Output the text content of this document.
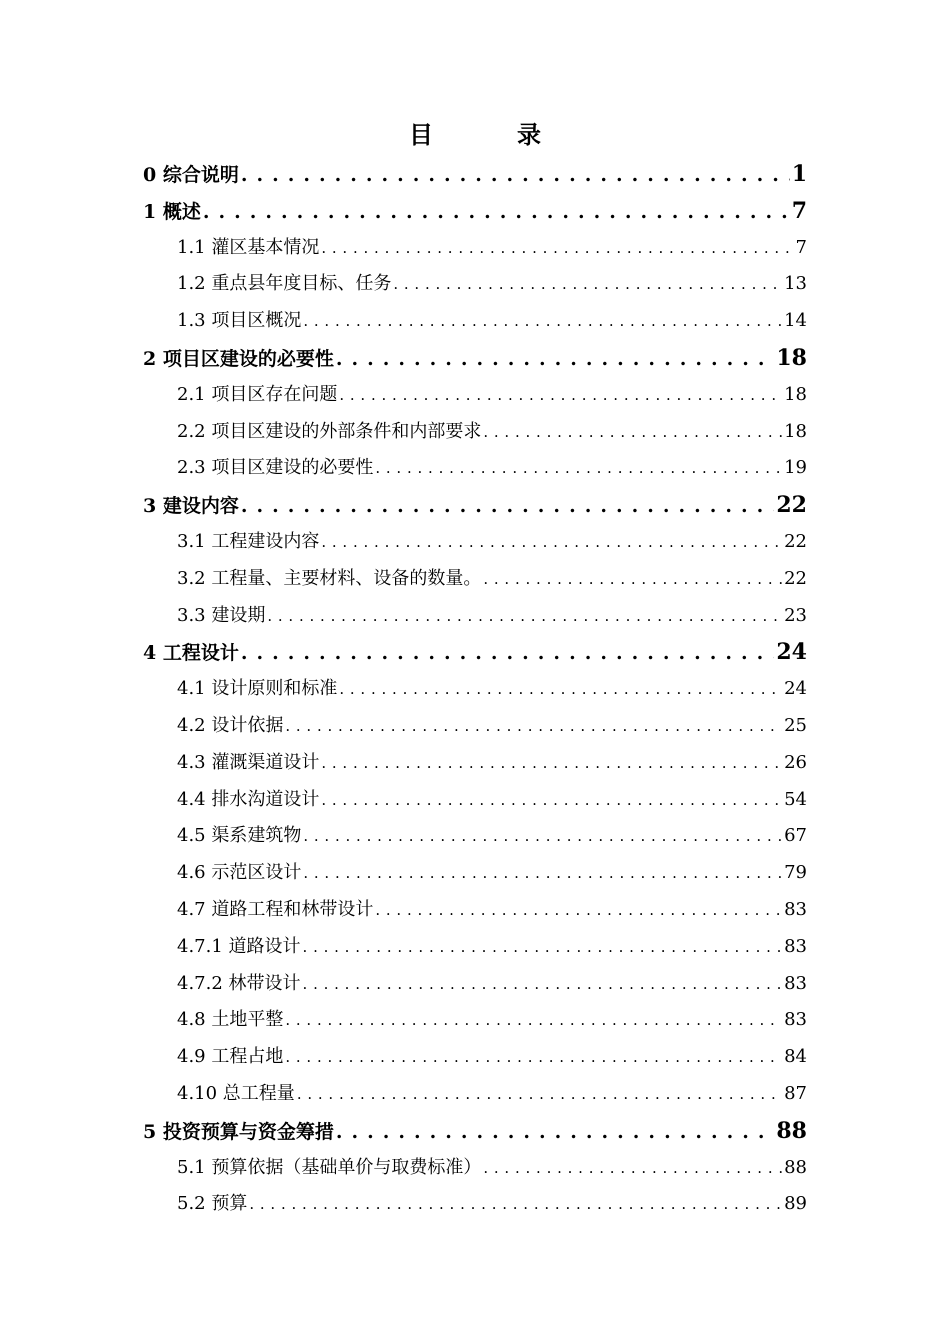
目　录
0 综合说明 . . .	1
1 概述 . . .	7
1.1 灌区基本情况 . . .	7
1.2 重点县年度目标、任务 . . .	13
1.3 项目区概况 . . .	14
2 项目区建设的必要性 . . .	18
2.1 项目区存在问题 . . .	18
2.2 项目区建设的外部条件和内部要求 . . .	18
2.3 项目区建设的必要性 . . .	19
3 建设内容 . . .	22
3.1 工程建设内容 . . .	22
3.2 工程量、主要材料、设备的数量。 . . .	22
3.3 建设期 . . .	23
4 工程设计 . . .	24
4.1 设计原则和标准 . . .	24
4.2 设计依据 . . .	25
4.3 灌溉渠道设计 . . .	26
4.4 排水沟道设计 . . .	54
4.5 渠系建筑物 . . .	67
4.6 示范区设计 . . .	79
4.7 道路工程和林带设计 . . .	83
4.7.1 道路设计 . . .	83
4.7.2 林带设计 . . .	83
4.8 土地平整 . . .	83
4.9 工程占地 . . .	84
4.10 总工程量 . . .	87
5 投资预算与资金筹措 . . .	88
5.1 预算依据（基础单价与取费标准） . . .	88
5.2 预算 . . .	89
